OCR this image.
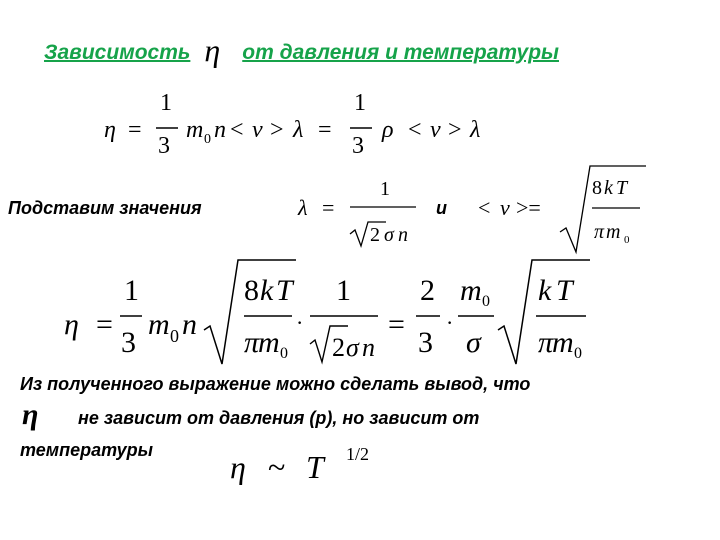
Зависимость η от давления и температуры
Подставим значения	и
Из полученного выражение можно сделать вывод, что
η не зависит от давления (р), но зависит от
температуры
η =
1
3
m 0 n < v > λ =
1
3
ρ < v > λ
λ =
1
2 σ n
< v >=
8 k T
π m 0
η =
1
3
m 0 n
8 k T
π
m 0
·
1
2 σ n
=
2
3
·
m 0
σ
k T
π
m 0
η ~ T 1/2
